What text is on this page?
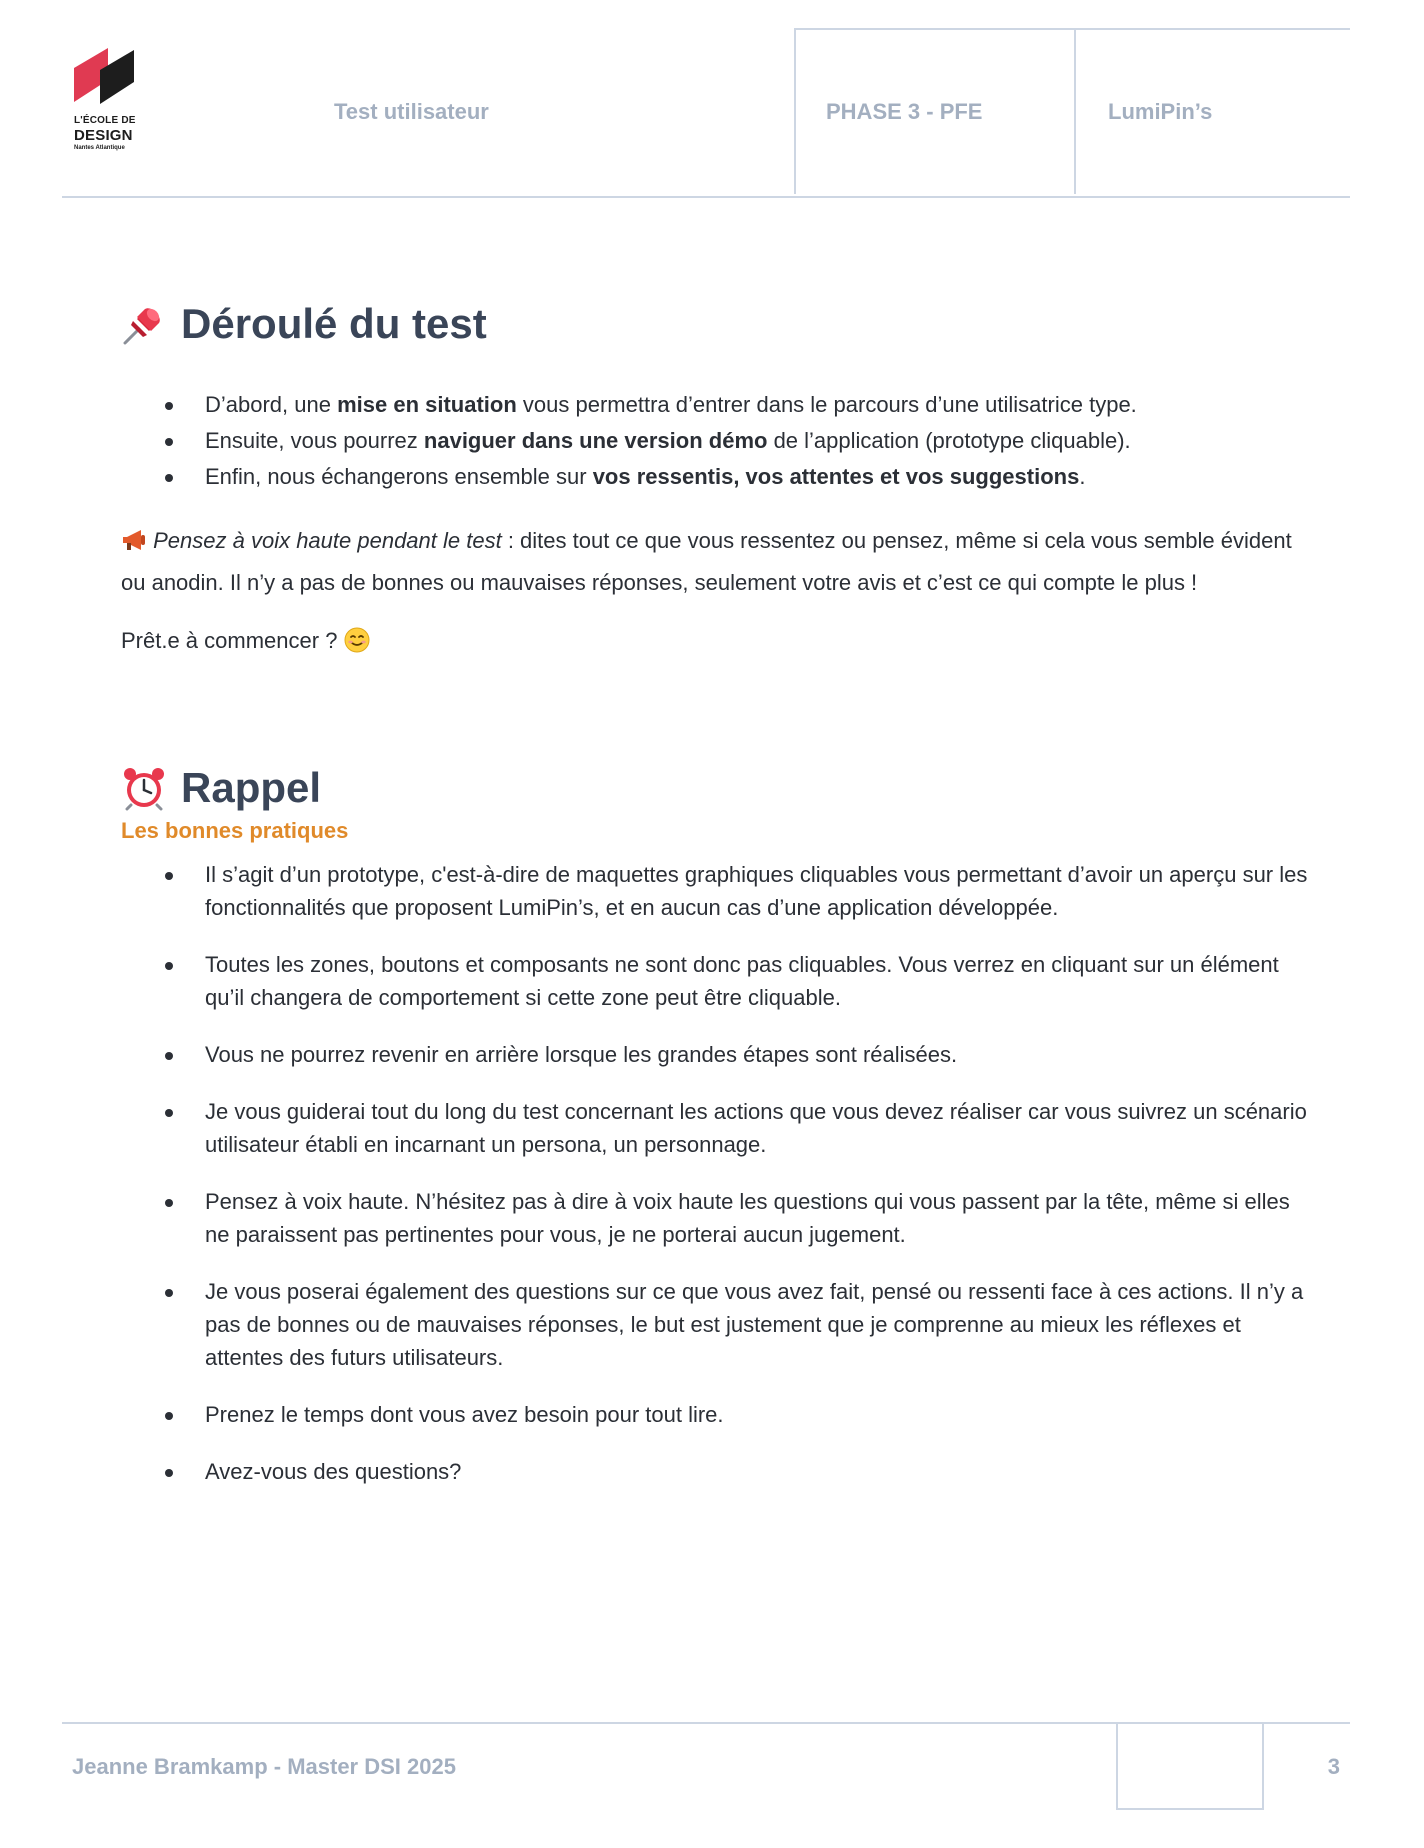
L'ÉCOLE DE
DESIGN
Nantes Atlantique
Test utilisateur	PHASE 3 - PFE	LumiPin’s
Déroulé du test
D’abord, une mise en situation vous permettra d’entrer dans le parcours d’une utilisatrice type.
Ensuite, vous pourrez naviguer dans une version démo de l’application (prototype cliquable).
Enfin, nous échangerons ensemble sur vos ressentis, vos attentes et vos suggestions.

Pensez à voix haute pendant le test : dites tout ce que vous ressentez ou pensez, même si cela vous semble évident ou anodin. Il n’y a pas de bonnes ou mauvaises réponses, seulement votre avis et c’est ce qui compte le plus !

Prêt.e à commencer ?

Rappel

Les bonnes pratiques

Il s’agit d’un prototype, c'est-à-dire de maquettes graphiques cliquables vous permettant d’avoir un aperçu sur les fonctionnalités que proposent LumiPin’s, et en aucun cas d’une application développée.
Toutes les zones, boutons et composants ne sont donc pas cliquables. Vous verrez en cliquant sur un élément qu’il changera de comportement si cette zone peut être cliquable.
Vous ne pourrez revenir en arrière lorsque les grandes étapes sont réalisées.
Je vous guiderai tout du long du test concernant les actions que vous devez réaliser car vous suivrez un scénario utilisateur établi en incarnant un persona, un personnage.
Pensez à voix haute. N’hésitez pas à dire à voix haute les questions qui vous passent par la tête, même si elles ne paraissent pas pertinentes pour vous, je ne porterai aucun jugement.
Je vous poserai également des questions sur ce que vous avez fait, pensé ou ressenti face à ces actions. Il n’y a pas de bonnes ou de mauvaises réponses, le but est justement que je comprenne au mieux les réflexes et attentes des futurs utilisateurs.
Prenez le temps dont vous avez besoin pour tout lire.
Avez-vous des questions?
Jeanne Bramkamp - Master DSI 2025	3
